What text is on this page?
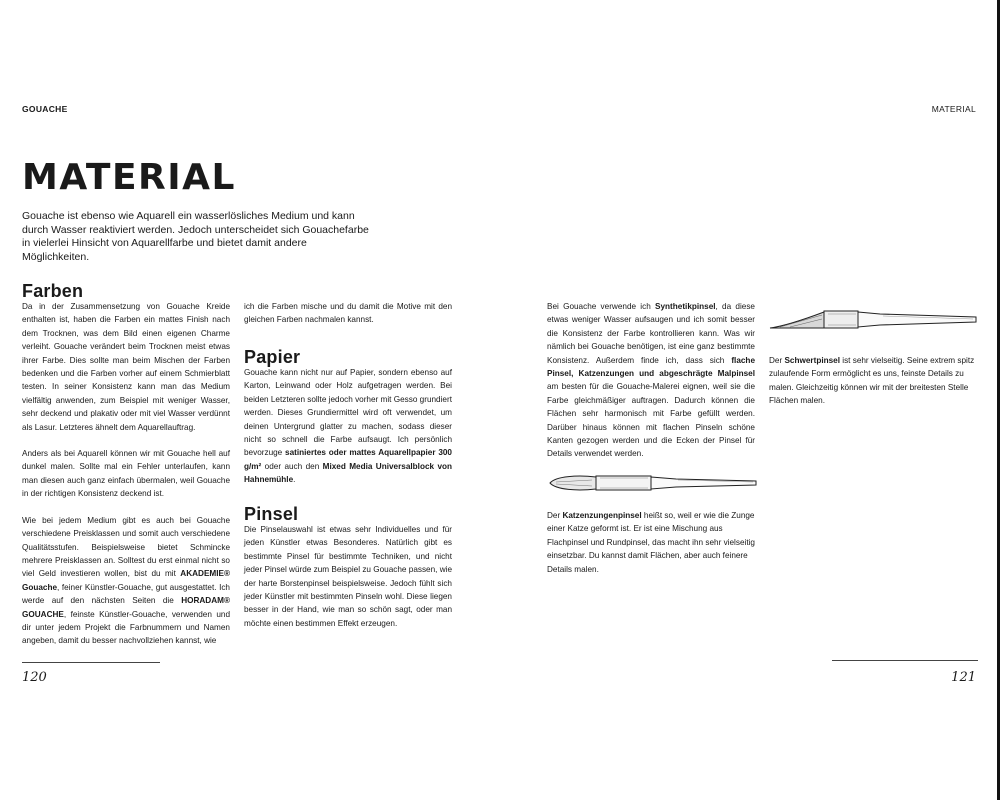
GOUACHE
MATERIAL
Gouache ist ebenso wie Aquarell ein wasserlösliches Medium und kann durch Wasser reaktiviert werden. Jedoch unterscheidet sich Gouachefarbe in vielerlei Hinsicht von Aquarellfarbe und bietet damit andere Möglichkeiten.
Farben

Da in der Zusammensetzung von Gouache Kreide enthalten ist, haben die Farben ein mattes Finish nach dem Trocknen, was dem Bild einen eigenen Charme verleiht. Gouache verändert beim Trocknen meist etwas ihrer Farbe. Dies sollte man beim Mischen der Farben bedenken und die Farben vorher auf einem Schmierblatt testen. In seiner Konsistenz kann man das Medium vielfältig anwenden, zum Beispiel mit weniger Wasser, sehr deckend und plakativ oder mit viel Wasser verdünnt als Lasur. Letzteres ähnelt dem Aquarellauftrag.

Anders als bei Aquarell können wir mit Gouache hell auf dunkel malen. Sollte mal ein Fehler unterlaufen, kann man diesen auch ganz einfach übermalen, weil Gouache in der richtigen Konsistenz deckend ist.

Wie bei jedem Medium gibt es auch bei Gouache verschiedene Preisklassen und somit auch verschiedene Qualitätsstufen. Beispielsweise bietet Schmincke mehrere Preisklassen an. Solltest du erst einmal nicht so viel Geld investieren wollen, bist du mit AKADEMIE® Gouache, feiner Künstler-Gouache, gut ausgestattet. Ich werde auf den nächsten Seiten die HORADAM® GOUACHE, feinste Künstler-Gouache, verwenden und dir unter jedem Projekt die Farbnummern und Namen angeben, damit du besser nachvollziehen kannst, wie

ich die Farben mische und du damit die Motive mit den gleichen Farben nachmalen kannst.

Papier

Gouache kann nicht nur auf Papier, sondern ebenso auf Karton, Leinwand oder Holz aufgetragen werden. Bei beiden Letzteren sollte jedoch vorher mit Gesso grundiert werden. Dieses Grundiermittel wird oft verwendet, um deinen Untergrund glatter zu machen, sodass dieser nicht so schnell die Farbe aufsaugt. Ich persönlich bevorzuge satiniertes oder mattes Aquarellpapier 300 g/m² oder auch den Mixed Media Universalblock von Hahnemühle.

Pinsel

Die Pinselauswahl ist etwas sehr Individuelles und für jeden Künstler etwas Besonderes. Natürlich gibt es bestimmte Pinsel für bestimmte Techniken, und nicht jeder Pinsel würde zum Beispiel zu Gouache passen, wie der harte Borstenpinsel beispielsweise. Jedoch fühlt sich jeder Künstler mit bestimmten Pinseln wohl. Diese liegen besser in der Hand, wie man so schön sagt, oder man möchte einen bestimmen Effekt erzeugen.

120
MATERIAL

Bei Gouache verwende ich Synthetikpinsel, da diese etwas weniger Wasser aufsaugen und ich somit besser die Konsistenz der Farbe kontrollieren kann. Was wir nämlich bei Gouache benötigen, ist eine ganz bestimmte Konsistenz. Außerdem finde ich, dass sich flache Pinsel, Katzenzungen und abgeschrägte Malpinsel am besten für die Gouache-Malerei eignen, weil sie die Farbe gleichmäßiger auftragen. Dadurch können die Flächen sehr harmonisch mit Farbe gefüllt werden. Darüber hinaus können mit flachen Pinseln schöne Kanten gezogen werden und die Ecken der Pinsel für Details verwendet werden.

Der Katzenzungenpinsel heißt so, weil er wie die Zunge einer Katze geformt ist. Er ist eine Mischung aus Flachpinsel und Rundpinsel, das macht ihn sehr vielseitig einsetzbar. Du kannst damit Flächen, aber auch feinere Details malen.
Der Schwertpinsel ist sehr vielseitig. Seine extrem spitz zulaufende Form ermöglicht es uns, feinste Details zu malen. Gleichzeitig können wir mit der breitesten Stelle Flächen malen.
121
